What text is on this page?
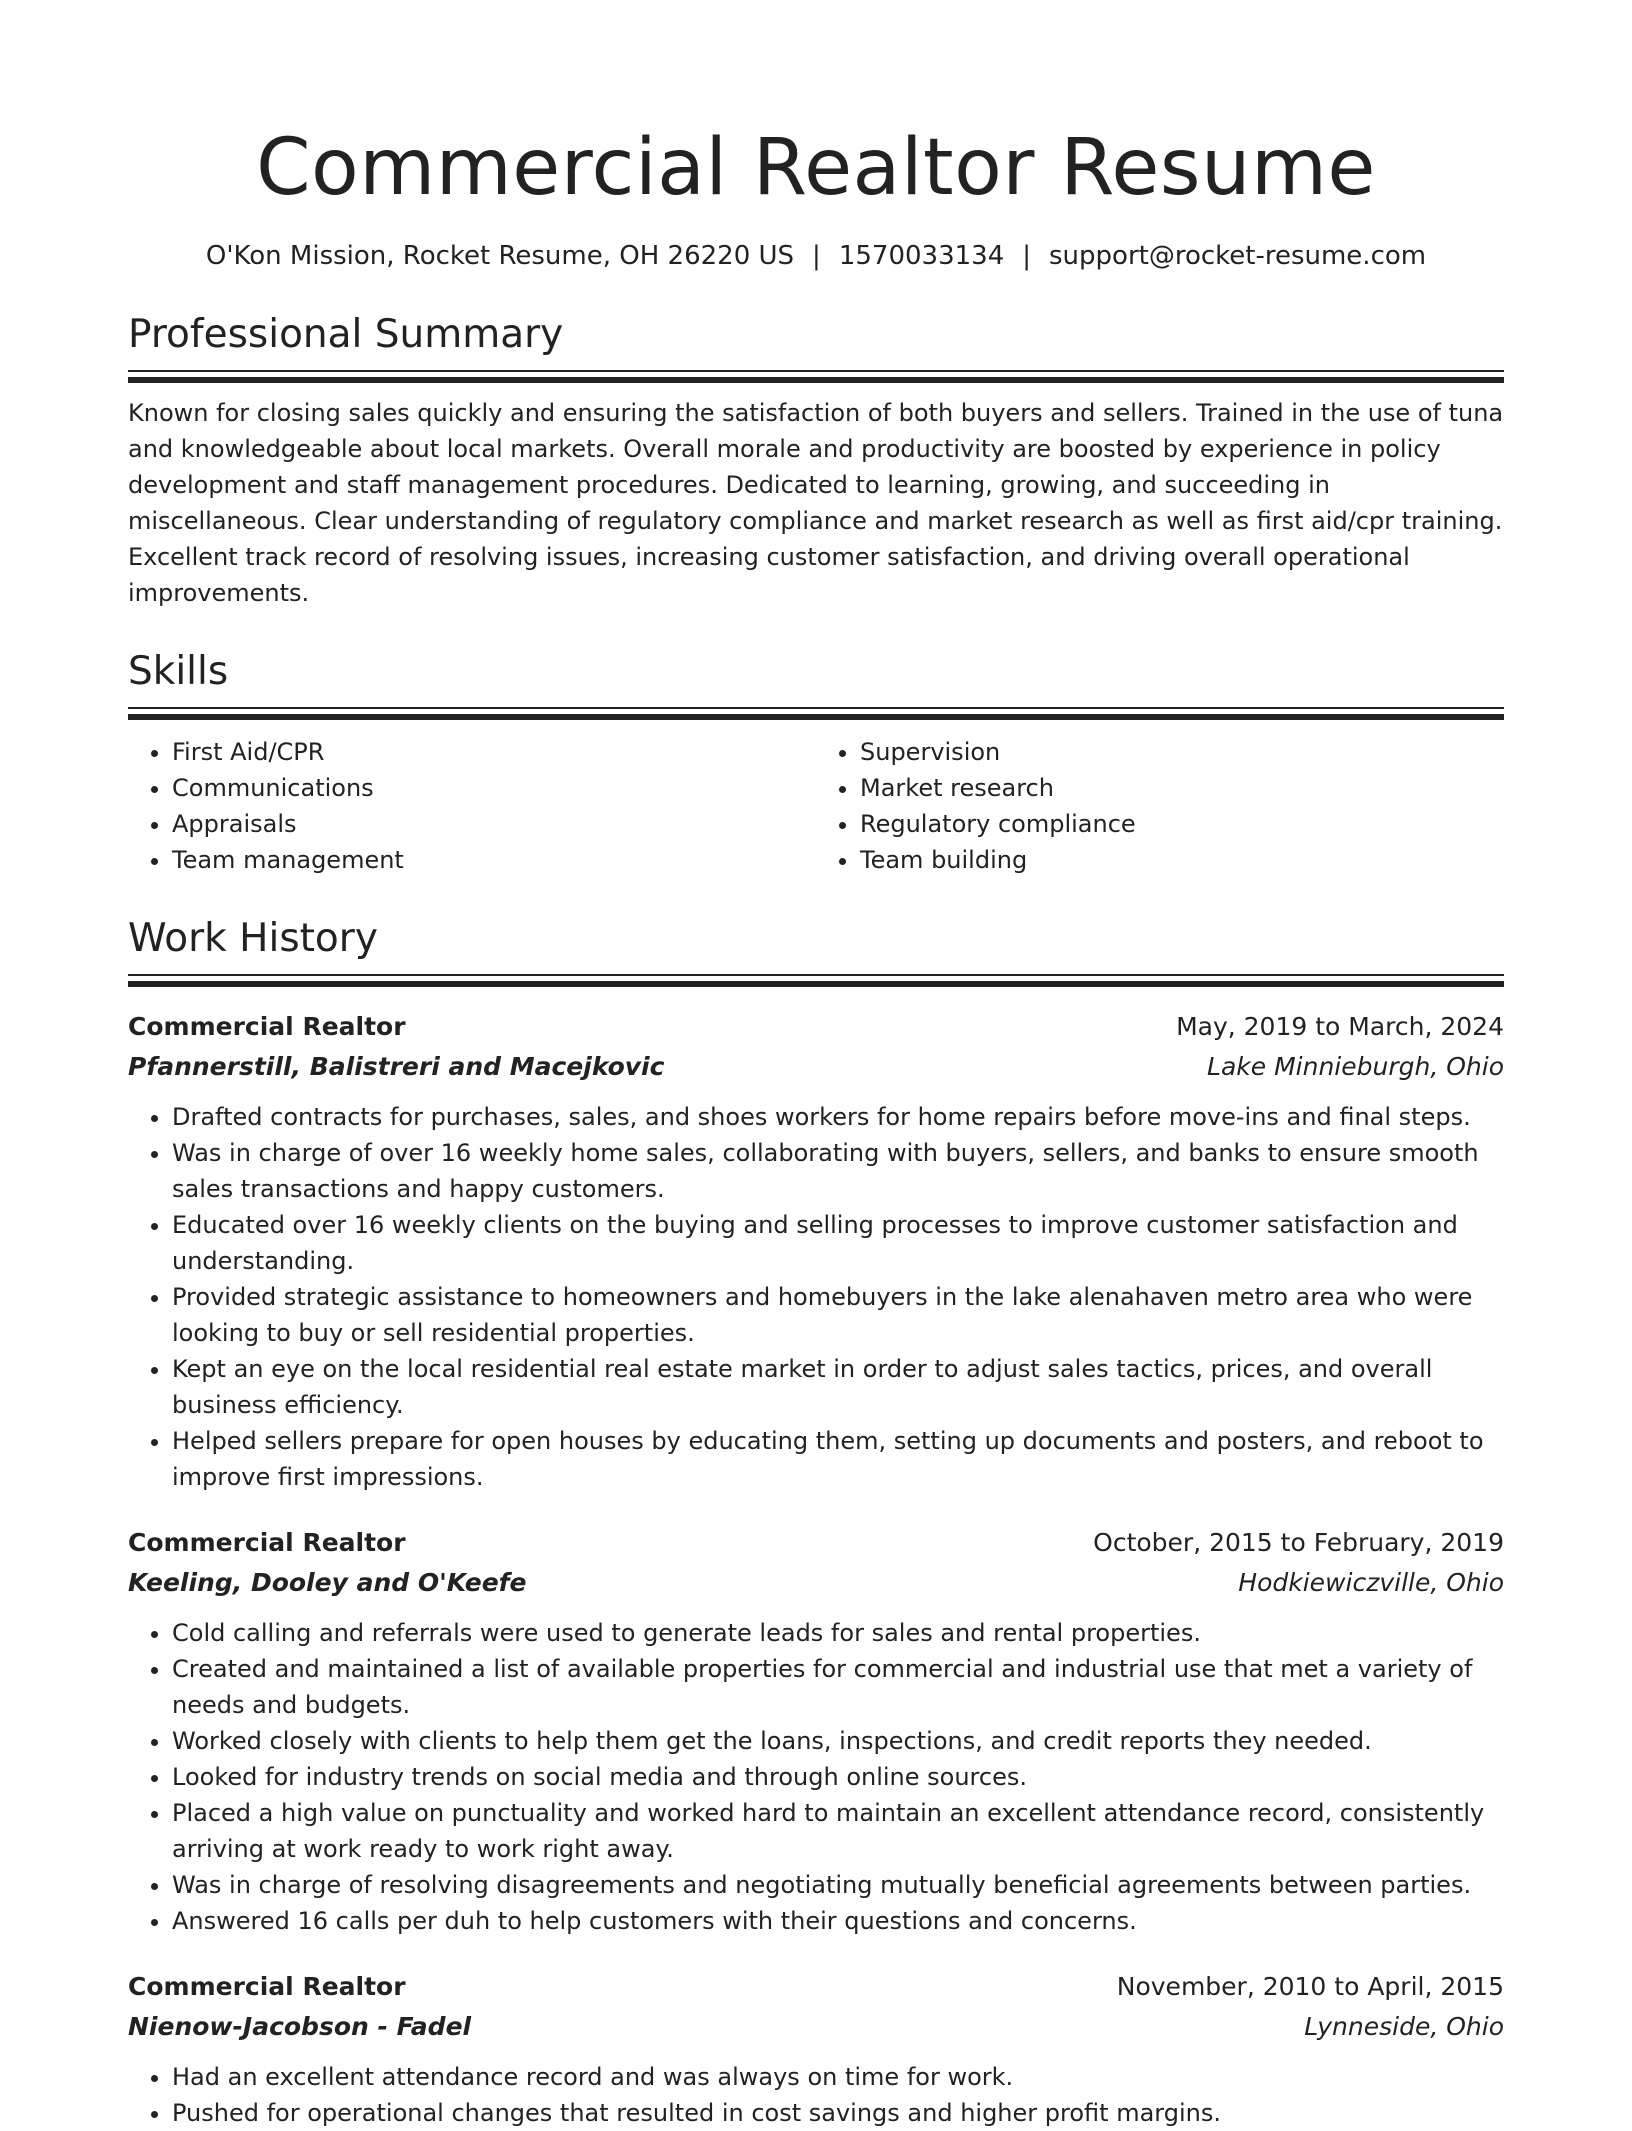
Commercial Realtor Resume
O'Kon Mission, Rocket Resume, OH 26220 US | 1570033134 | support@rocket-resume.com
Professional Summary
Known for closing sales quickly and ensuring the satisfaction of both buyers and sellers. Trained in the use of tuna and knowledgeable about local markets. Overall morale and productivity are boosted by experience in policy development and staff management procedures. Dedicated to learning, growing, and succeeding in miscellaneous. Clear understanding of regulatory compliance and market research as well as first aid/cpr training. Excellent track record of resolving issues, increasing customer satisfaction, and driving overall operational improvements.
Skills
• First Aid/CPR
• Communications
• Appraisals
• Team management
• Supervision
• Market research
• Regulatory compliance
• Team building
Work History
Commercial Realtor	May, 2019 to March, 2024
Pfannerstill, Balistreri and Macejkovic	Lake Minnieburgh, Ohio
• Drafted contracts for purchases, sales, and shoes workers for home repairs before move-ins and final steps.
• Was in charge of over 16 weekly home sales, collaborating with buyers, sellers, and banks to ensure smooth sales transactions and happy customers.
• Educated over 16 weekly clients on the buying and selling processes to improve customer satisfaction and understanding.
• Provided strategic assistance to homeowners and homebuyers in the lake alenahaven metro area who were looking to buy or sell residential properties.
• Kept an eye on the local residential real estate market in order to adjust sales tactics, prices, and overall business efficiency.
• Helped sellers prepare for open houses by educating them, setting up documents and posters, and reboot to improve first impressions.
Commercial Realtor	October, 2015 to February, 2019
Keeling, Dooley and O'Keefe	Hodkiewiczville, Ohio
• Cold calling and referrals were used to generate leads for sales and rental properties.
• Created and maintained a list of available properties for commercial and industrial use that met a variety of needs and budgets.
• Worked closely with clients to help them get the loans, inspections, and credit reports they needed.
• Looked for industry trends on social media and through online sources.
• Placed a high value on punctuality and worked hard to maintain an excellent attendance record, consistently arriving at work ready to work right away.
• Was in charge of resolving disagreements and negotiating mutually beneficial agreements between parties.
• Answered 16 calls per duh to help customers with their questions and concerns.
Commercial Realtor	November, 2010 to April, 2015
Nienow-Jacobson - Fadel	Lynneside, Ohio
• Had an excellent attendance record and was always on time for work.
• Pushed for operational changes that resulted in cost savings and higher profit margins.
